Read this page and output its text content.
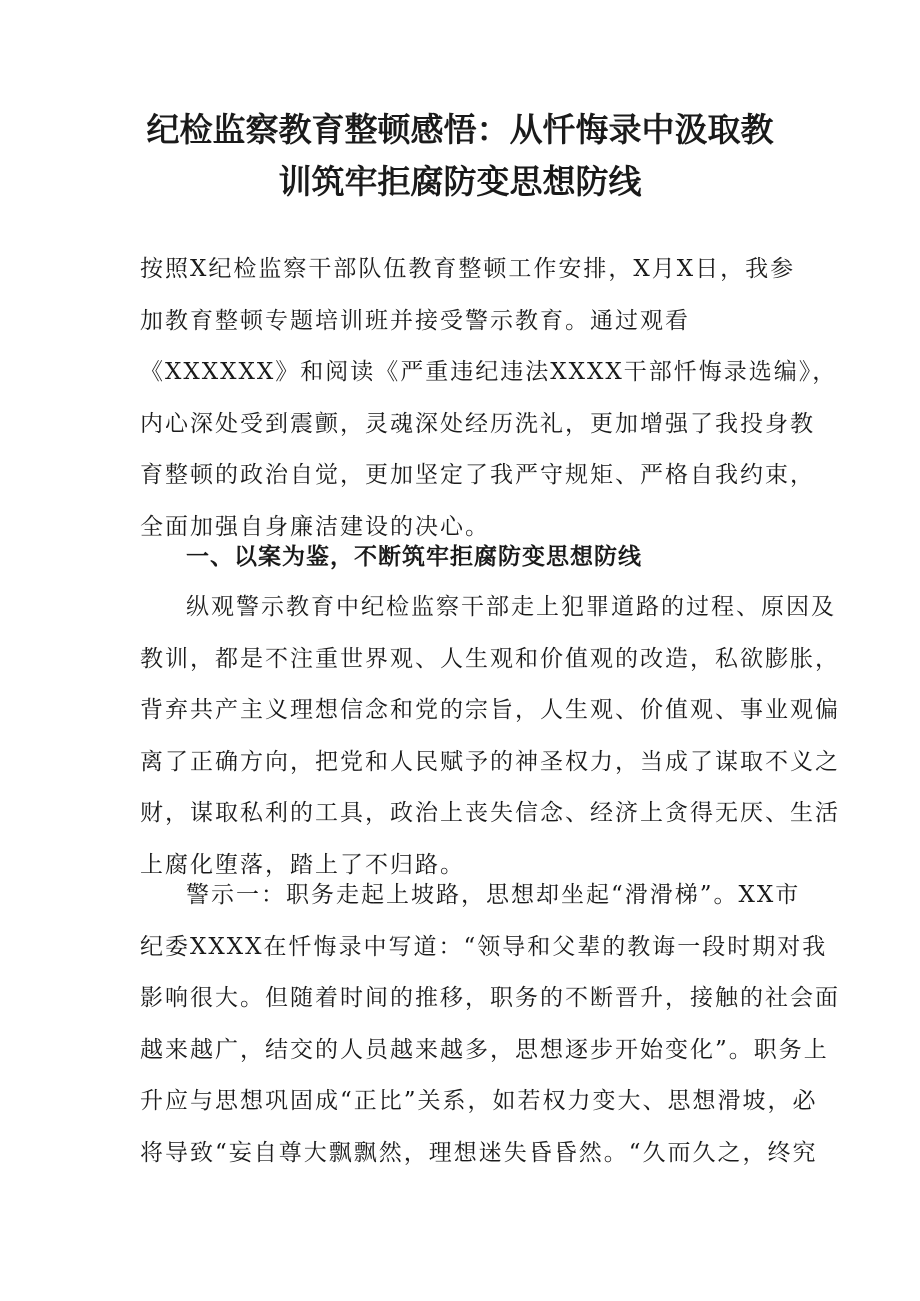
纪检监察教育整顿感悟：从忏悔录中汲取教
训筑牢拒腐防变思想防线
按照X纪检监察干部队伍教育整顿工作安排，X月X日，我参
加教育整顿专题培训班并接受警示教育。通过观看
《XXXXXX》和阅读《严重违纪违法XXXX干部忏悔录选编》，
内心深处受到震颤，灵魂深处经历洗礼，更加增强了我投身教
育整顿的政治自觉，更加坚定了我严守规矩、严格自我约束，
全面加强自身廉洁建设的决心。
一、以案为鉴，不断筑牢拒腐防变思想防线
纵观警示教育中纪检监察干部走上犯罪道路的过程、原因及
教训，都是不注重世界观、人生观和价值观的改造，私欲膨胀，
背弃共产主义理想信念和党的宗旨，人生观、价值观、事业观偏
离了正确方向，把党和人民赋予的神圣权力，当成了谋取不义之
财，谋取私利的工具，政治上丧失信念、经济上贪得无厌、生活
上腐化堕落，踏上了不归路。
警示一：职务走起上坡路，思想却坐起“滑滑梯”。XX市
纪委XXXX在忏悔录中写道：“领导和父辈的教诲一段时期对我
影响很大。但随着时间的推移，职务的不断晋升，接触的社会面
越来越广，结交的人员越来越多，思想逐步开始变化”。职务上
升应与思想巩固成“正比”关系，如若权力变大、思想滑坡，必
将导致“妄自尊大飘飘然，理想迷失昏昏然。“久而久之，终究
